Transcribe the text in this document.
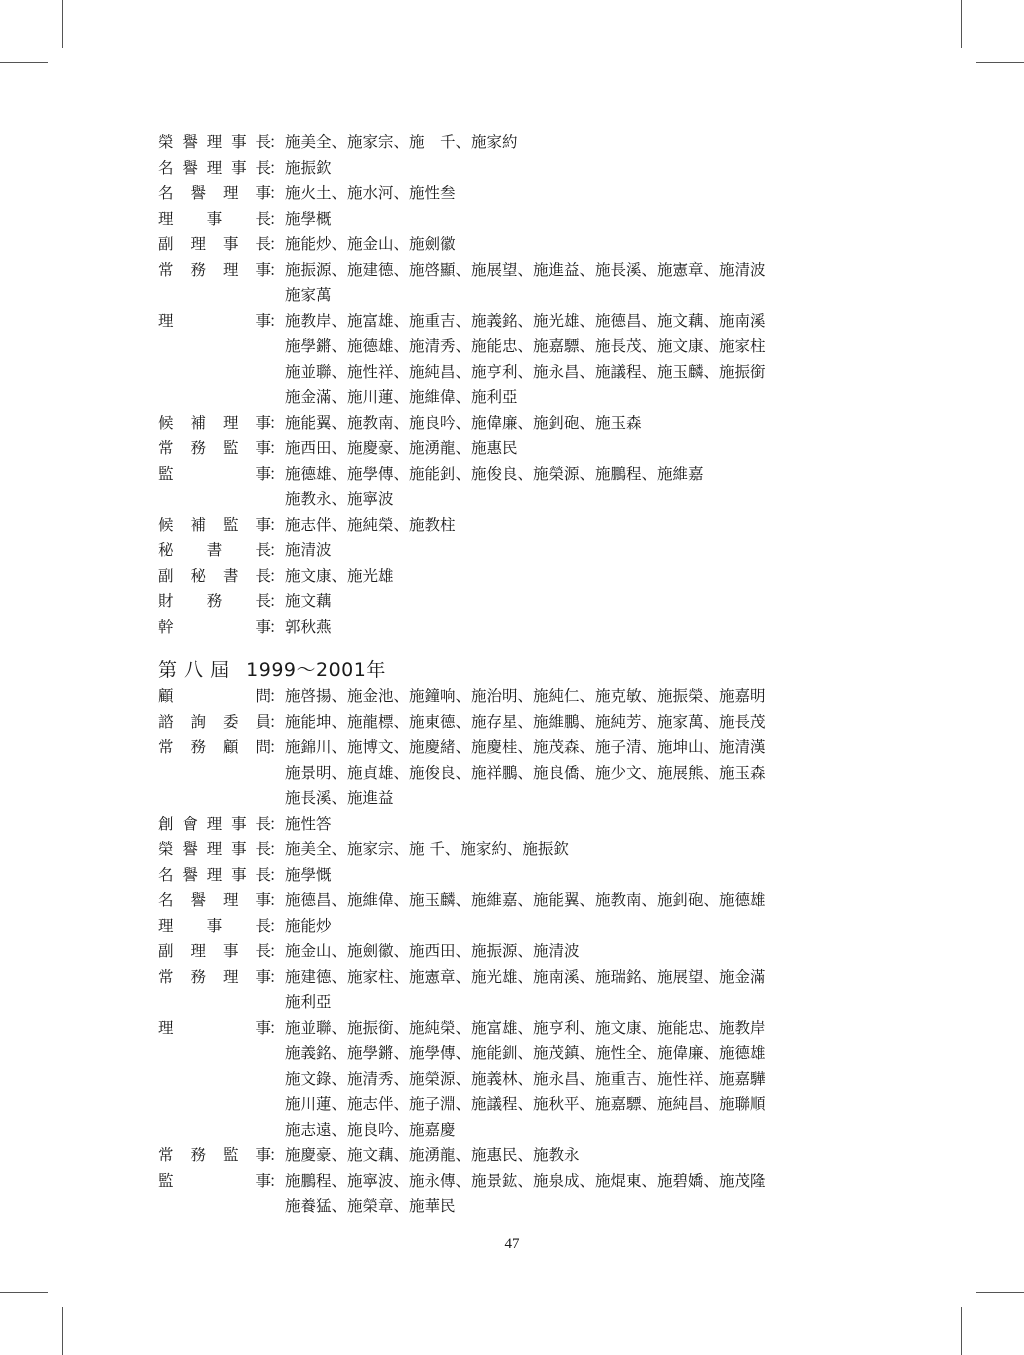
榮譽理事長
： 施美全、施家宗、施　千、施家約
名譽理事長
： 施振欽
名譽理事
： 施火土、施水河、施性叁
理事長
： 施學概
副理事長
： 施能炒、施金山、施劍徽
常務理事
： 施振源、施建德、施啓顯、施展望、施進益、施長溪、施憲章、施清波
施家萬
理事
： 施教岸、施富雄、施重吉、施義銘、施光雄、施德昌、施文藕、施南溪
施學鏘、施德雄、施清秀、施能忠、施嘉驃、施長茂、施文康、施家柱
施並聯、施性祥、施純昌、施亨利、施永昌、施議程、施玉麟、施振銜
施金滿、施川蓮、施維偉、施利亞
候補理事
： 施能翼、施教南、施良吟、施偉廉、施釗砲、施玉森
常務監事
： 施西田、施慶豪、施湧龍、施惠民
監事
： 施德雄、施學傳、施能釗、施俊良、施榮源、施鵬程、施維嘉
施教永、施寧波
候補監事
： 施志伴、施純榮、施教柱
秘書長
： 施清波
副秘書長
： 施文康、施光雄
財務長
： 施文藕
幹事
： 郭秋燕
第 八 屆 1999～2001年
顧問
： 施啓揚、施金池、施鐘响、施治明、施純仁、施克敏、施振榮、施嘉明
諮詢委員
： 施能坤、施龍標、施東德、施存星、施維鵬、施純芳、施家萬、施長茂
常務顧問
： 施錦川、施博文、施慶緒、施慶桂、施茂森、施子清、施坤山、施清漢
施景明、施貞雄、施俊良、施祥鵬、施良僑、施少文、施展熊、施玉森
施長溪、施進益
創會理事長
： 施性答
榮譽理事長
： 施美全、施家宗、施 千、施家約、施振欽
名譽理事長
： 施學慨
名譽理事
： 施德昌、施維偉、施玉麟、施維嘉、施能翼、施教南、施釗砲、施德雄
理事長
： 施能炒
副理事長
： 施金山、施劍徽、施西田、施振源、施清波
常務理事
： 施建德、施家柱、施憲章、施光雄、施南溪、施瑞銘、施展望、施金滿
施利亞
理事
： 施並聯、施振銜、施純榮、施富雄、施亨利、施文康、施能忠、施教岸
施義銘、施學鏘、施學傳、施能釧、施茂鎮、施性全、施偉廉、施德雄
施文錄、施清秀、施榮源、施義林、施永昌、施重吉、施性祥、施嘉驊
施川蓮、施志伴、施子淵、施議程、施秋平、施嘉驃、施純昌、施聯順
施志遠、施良吟、施嘉慶
常務監事
： 施慶豪、施文藕、施湧龍、施惠民、施教永
監事
： 施鵬程、施寧波、施永傳、施景鈜、施泉成、施焜東、施碧嬌、施茂隆
施養猛、施榮章、施華民
47
